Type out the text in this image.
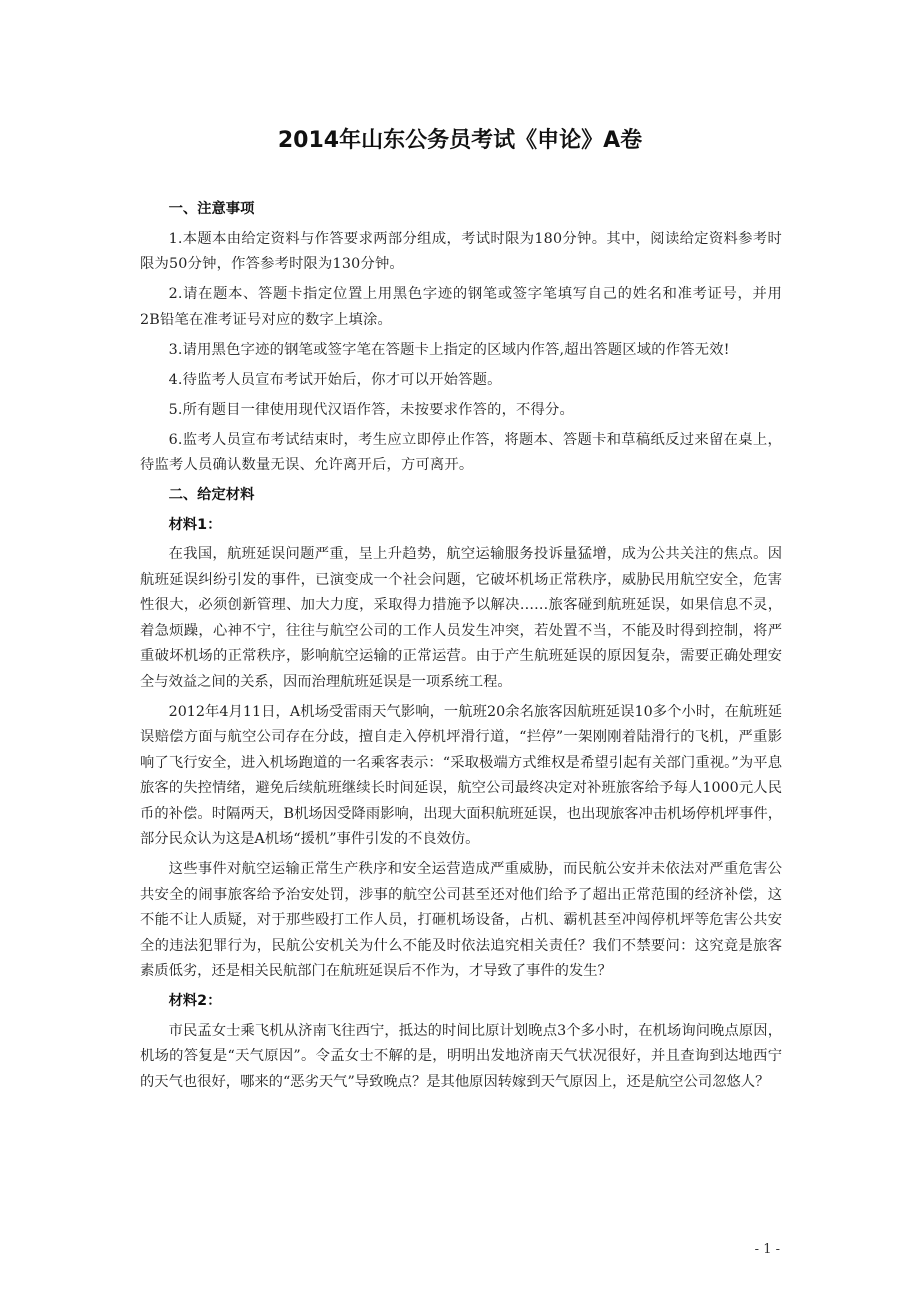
2014年山东公务员考试《申论》A卷
一、注意事项

1.本题本由给定资料与作答要求两部分组成，考试时限为180分钟。其中，阅读给定资料参考时限为50分钟，作答参考时限为130分钟。

2.请在题本、答题卡指定位置上用黑色字迹的钢笔或签字笔填写自己的姓名和准考证号，并用2B铅笔在准考证号对应的数字上填涂。

3.请用黑色字迹的钢笔或签字笔在答题卡上指定的区域内作答,超出答题区域的作答无效!

4.待监考人员宣布考试开始后，你才可以开始答题。

5.所有题目一律使用现代汉语作答，未按要求作答的，不得分。

6.监考人员宣布考试结束时，考生应立即停止作答，将题本、答题卡和草稿纸反过来留在桌上，待监考人员确认数量无误、允许离开后，方可离开。

二、给定材料
材料1：

在我国，航班延误问题严重，呈上升趋势，航空运输服务投诉量猛增，成为公共关注的焦点。因航班延误纠纷引发的事件，已演变成一个社会问题，它破坏机场正常秩序，威胁民用航空安全，危害性很大，必须创新管理、加大力度，采取得力措施予以解决……旅客碰到航班延误，如果信息不灵，着急烦躁，心神不宁，往往与航空公司的工作人员发生冲突，若处置不当，不能及时得到控制，将严重破坏机场的正常秩序，影响航空运输的正常运营。由于产生航班延误的原因复杂，需要正确处理安全与效益之间的关系，因而治理航班延误是一项系统工程。

2012年4月11日，A机场受雷雨天气影响，一航班20余名旅客因航班延误10多个小时，在航班延误赔偿方面与航空公司存在分歧，擅自走入停机坪滑行道，“拦停”一架刚刚着陆滑行的飞机，严重影响了飞行安全，进入机场跑道的一名乘客表示：“采取极端方式维权是希望引起有关部门重视。”为平息旅客的失控情绪，避免后续航班继续长时间延误，航空公司最终决定对补班旅客给予每人1000元人民币的补偿。时隔两天，B机场因受降雨影响，出现大面积航班延误，也出现旅客冲击机场停机坪事件，部分民众认为这是A机场“援机”事件引发的不良效仿。

这些事件对航空运输正常生产秩序和安全运营造成严重威胁，而民航公安并未依法对严重危害公共安全的闹事旅客给予治安处罚，涉事的航空公司甚至还对他们给予了超出正常范围的经济补偿，这不能不让人质疑，对于那些殴打工作人员，打砸机场设备，占机、霸机甚至冲闯停机坪等危害公共安全的违法犯罪行为，民航公安机关为什么不能及时依法追究相关责任？我们不禁要问：这究竟是旅客素质低劣，还是相关民航部门在航班延误后不作为，才导致了事件的发生？

材料2：

市民孟女士乘飞机从济南飞往西宁，抵达的时间比原计划晚点3个多小时，在机场询问晚点原因，机场的答复是“天气原因”。令孟女士不解的是，明明出发地济南天气状况很好，并且查询到达地西宁的天气也很好，哪来的“恶劣天气”导致晚点？是其他原因转嫁到天气原因上，还是航空公司忽悠人？

- 1 -
